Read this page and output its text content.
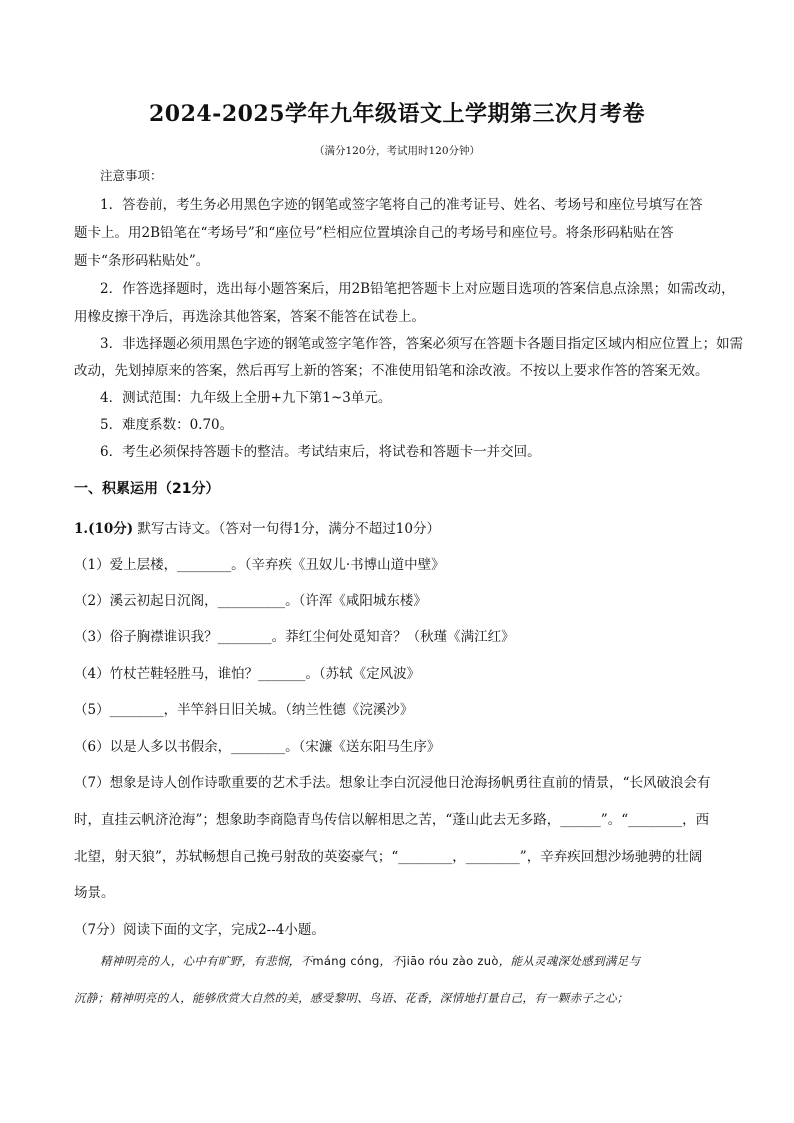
2024-2025学年九年级语文上学期第三次月考卷
（满分120分，考试用时120分钟）
注意事项：
1．答卷前，考生务必用黑色字迹的钢笔或签字笔将自己的准考证号、姓名、考场号和座位号填写在答
题卡上。用2B铅笔在“考场号”和“座位号”栏相应位置填涂自己的考场号和座位号。将条形码粘贴在答
题卡“条形码粘贴处”。
2．作答选择题时，选出每小题答案后，用2B铅笔把答题卡上对应题目选项的答案信息点涂黑；如需改动，
用橡皮擦干净后，再选涂其他答案，答案不能答在试卷上。
3．非选择题必须用黑色字迹的钢笔或签字笔作答，答案必须写在答题卡各题目指定区域内相应位置上；如需
改动，先划掉原来的答案，然后再写上新的答案；不准使用铅笔和涂改液。不按以上要求作答的答案无效。
4．测试范围：九年级上全册+九下第1~3单元。
5．难度系数：0.70。
6．考生必须保持答题卡的整洁。考试结束后，将试卷和答题卡一并交回。
一、积累运用（21分）
1.(10分) 默写古诗文。（答对一句得1分，满分不超过10分）
（1）爱上层楼，________。（辛弃疾《丑奴儿·书博山道中壁》
（2）溪云初起日沉阁，__________。（许浑《咸阳城东楼》
（3）俗子胸襟谁识我？________。莽红尘何处觅知音？（秋瑾《满江红》
（4）竹杖芒鞋轻胜马，谁怕？_______。（苏轼《定风波》
（5）________，半竿斜日旧关城。（纳兰性德《浣溪沙》
（6）以是人多以书假余，________。（宋濂《送东阳马生序》
（7）想象是诗人创作诗歌重要的艺术手法。想象让李白沉浸他日沧海扬帆勇往直前的情景，“长风破浪会有
时，直挂云帆济沧海”；想象助李商隐青鸟传信以解相思之苦，“蓬山此去无多路，______”。“________，西
北望，射天狼”，苏轼畅想自己挽弓射敌的英姿豪气；“________，________”，辛弃疾回想沙场驰骋的壮阔
场景。
（7分）阅读下面的文字，完成2--4小题。
精神明亮的人，心中有旷野，有悲悯，不máng cóng，不jiāo róu zào zuò，能从灵魂深处感到满足与
沉静；精神明亮的人，能够欣赏大自然的美，感受黎明、鸟语、花香，深情地打量自己，有一颗赤子之心；
